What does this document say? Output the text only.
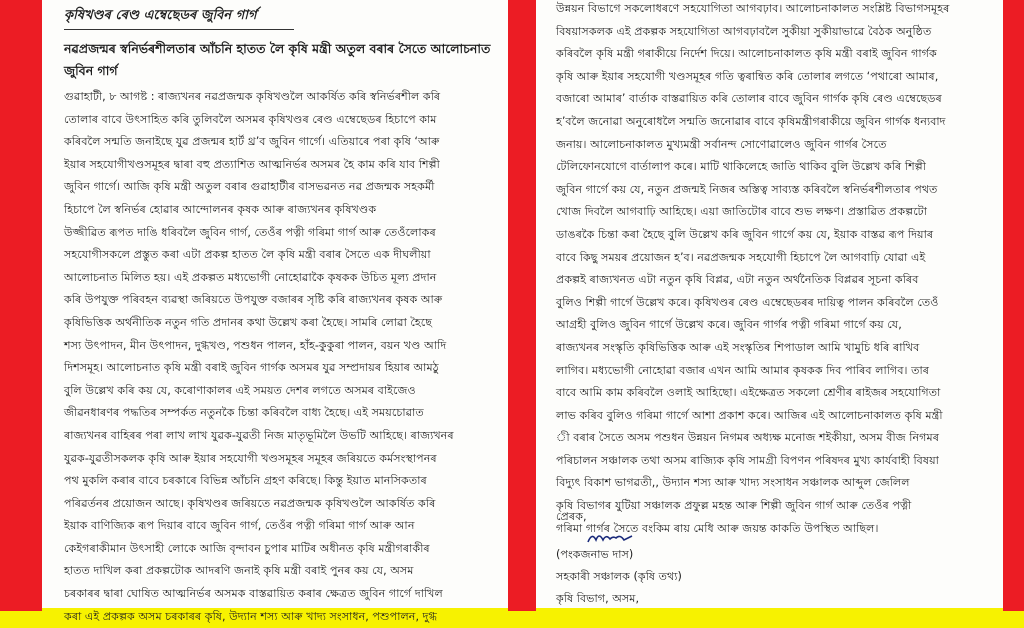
কৃষিখণ্ডৰ ৰেণ্ড এম্বেছেডৰ জুবিন গাৰ্গ
নৱপ্ৰজন্মৰ স্বনিৰ্ভৰশীলতাৰ আঁচনি হাতত লৈ কৃষি মন্ত্ৰী অতুল বৰাৰ সৈতে আলোচনাত জুবিন গাৰ্গ
গুৱাহাটী, ৮ আগষ্ট : ৰাজ্যখনৰ নৱপ্ৰজন্মক কৃষিখণ্ডলৈ আকৰ্ষিত কৰি স্বনিৰ্ভৰশীল কৰি
তোলাৰ বাবে উৎসাহিত কৰি তুলিবলৈ অসমৰ কৃষিখণ্ডৰ ৰেণ্ড এম্বেছেডৰ হিচাপে কাম
কৰিবলৈ সন্মতি জনাইছে যুৱ প্ৰজন্মৰ হাৰ্ট থ্ৰ’ব জুবিন গাৰ্গে। এতিয়াৰে পৰা কৃষি ‘আৰু
ইয়াৰ সহযোগীখণ্ডসমূহৰ দ্বাৰা বহু প্ৰত্যাশিত আত্মনিৰ্ভৰ অসমৰ হৈ কাম কৰি যাব শিল্পী
জুবিন গাৰ্গে। আজি কৃষি মন্ত্ৰী অতুল বৰাৰ গুৱাহাটীৰ বাসভৱনত নৱ প্ৰজন্মক সহকৰ্মী
হিচাপে লৈ স্বনিৰ্ভৰ হোৱাৰ আন্দোলনৰ কৃষক আৰু ৰাজ্যখনৰ কৃষিখণ্ডক
উজ্জীৱিত ৰূপত দাঙি ধৰিবলৈ জুবিন গাৰ্গ, তেওঁৰ পত্নী গৰিমা গাৰ্গ আৰু তেওঁলোকৰ
সহযোগীসকলে প্ৰস্তুত কৰা এটা প্ৰকল্প হাতত লৈ কৃষি মন্ত্ৰী বৰাৰ সৈতে এক দীঘলীয়া
আলোচনাত মিলিত হয়। এই প্ৰকল্পত মধ্যভোগী নোহোৱাকৈ কৃষকক উচিত মূল্য প্ৰদান
কৰি উপযুক্ত পৰিবহন ব্যৱস্থা জৰিয়তে উপযুক্ত বজাৰৰ সৃষ্টি কৰি ৰাজ্যখনৰ কৃষক আৰু
কৃষিভিত্তিক অৰ্থনীতিক নতুন গতি প্ৰদানৰ কথা উল্লেখ কৰা হৈছে। সামৰি লোৱা হৈছে
শস্য উৎপাদন, মীন উৎপাদন, দুগ্ধখণ্ড, পশুধন পালন, হাঁহ-কুকুৰা পালন, বয়ন খণ্ড আদি
দিশসমূহ। আলোচনাত কৃষি মন্ত্ৰী বৰাই জুবিন গাৰ্গক অসমৰ যুৱ সম্প্ৰদায়ৰ হিয়াৰ আমঠু
বুলি উল্লেখ কৰি কয় যে, কৰোণাকালৰ এই সময়ত দেশৰ লগতে অসমৰ বাইজেও
জীৱনধাৰণৰ পদ্ধতিৰ সম্পৰ্কত নতুনকৈ চিন্তা কৰিবলৈ বাধ্য হৈছে। এই সময়চোৱাত
ৰাজ্যখনৰ বাহিৰৰ পৰা লাখ লাখ যুৱক-যুৱতী নিজ মাতৃভূমিলৈ উভটি আহিছে। ৰাজ্যখনৰ
যুৱক-যুৱতীসকলক কৃষি আৰু ইয়াৰ সহযোগী খণ্ডসমূহৰ সমূহৰ জৰিয়তে কৰ্মসংস্থাপনৰ
পথ মুকলি কৰাৰ বাবে চৰকাৰে বিভিন্ন আঁচনি গ্ৰহণ কৰিছে। কিন্তু ইয়াত মানসিকতাৰ
পৰিৱৰ্তনৰ প্ৰয়োজন আছে। কৃষিখণ্ডৰ জৰিয়তে নৱপ্ৰজন্মক কৃষিখণ্ডলৈ আকৰ্ষিত কৰি
ইয়াক বাণিজ্যিক ৰূপ দিয়াৰ বাবে জুবিন গাৰ্গ, তেওঁৰ পত্নী গৰিমা গাৰ্গ আৰু আন
কেইগৰাকীমান উৎসাহী লোকে আজি বৃন্দাবন চুপাৰ মাটিৰ অধীনত কৃষি মন্ত্ৰীগৰাকীৰ
হাতত দাখিল কৰা প্ৰকল্পটোক আদৰণি জনাই কৃষি মন্ত্ৰী বৰাই পুনৰ কয় যে, অসম
চৰকাৰৰ দ্বাৰা ঘোষিত আত্মনিৰ্ভৰ অসমক বাস্তৱায়িত কৰাৰ ক্ষেত্ৰত জুবিন গাৰ্গে দাখিল
কৰা এই প্ৰকল্পক অসম চৰকাৰৰ কৃষি, উদ্যান শস্য আৰু খাদ্য সংসাধন, পশুপালন, দুগ্ধ
উন্নয়ন বিভাগে সকলোধৰণে সহযোগিতা আগবঢ়াব। আলোচনাকালত সংশ্লিষ্ট বিভাগসমূহৰ
বিষয়াসকলক এই প্ৰকল্পক সহযোগিতা আগবঢ়াবলৈ সুকীয়া সুকীয়াভাৱে বৈঠক অনুষ্ঠিত
কৰিবলৈ কৃষি মন্ত্ৰী গৰাকীয়ে নিৰ্দেশ দিয়ে। আলোচনাকালত কৃষি মন্ত্ৰী বৰাই জুবিন গাৰ্গক
কৃষি আৰু ইয়াৰ সহযোগী খণ্ডসমূহৰ গতি ত্বৰান্বিত কৰি তোলাৰ লগতে ‘পথাৰো আমাৰ,
বজাৰো আমাৰ’ বাৰ্তাক বাস্তৱায়িত কৰি তোলাৰ বাবে জুবিন গাৰ্গক কৃষি ৰেণ্ড এম্বেছেডৰ
হ’বলৈ জনোৱা অনুৰোধলৈ সন্মতি জনোৱাৰ বাবে কৃষিমন্ত্ৰীগৰাকীয়ে জুবিন গাৰ্গক ধন্যবাদ
জনায়। আলোচনাকালত মুখ্যমন্ত্ৰী সৰ্বানন্দ সোণোৱালেও জুবিন গাৰ্গৰ সৈতে
টেলিফোনযোগে বাৰ্তালাপ কৰে। মাটি থাকিলেহে জাতি থাকিব বুলি উল্লেখ কৰি শিল্পী
জুবিন গাৰ্গে কয় যে, নতুন প্ৰজন্মই নিজৰ অস্তিত্ব সাব্যস্ত কৰিবলৈ স্বনিৰ্ভৰশীলতাৰ পথত
খোজ দিবলৈ আগবাঢ়ি আহিছে। এয়া জাতিটোৰ বাবে শুভ লক্ষণ। প্ৰস্তাৱিত প্ৰকল্পটো
ডাঙৰকৈ চিন্তা কৰা হৈছে বুলি উল্লেখ কৰি জুবিন গাৰ্গে কয় যে, ইয়াক বাস্তৱ ৰূপ দিয়াৰ
বাবে কিছু সময়ৰ প্ৰয়োজন হ’ব। নৱপ্ৰজন্মক সহযোগী হিচাপে লৈ আগবাঢ়ি যোৱা এই
প্ৰকল্পই ৰাজ্যখনত এটা নতুন কৃষি বিপ্লৱ, এটা নতুন অৰ্থনৈতিক বিপ্লৱৰ সূচনা কৰিব
বুলিও শিল্পী গাৰ্গে উল্লেখ কৰে। কৃষিখণ্ডৰ ৰেণ্ড এম্বেছেডৰৰ দায়িত্ব পালন কৰিবলৈ তেওঁ
আগ্ৰহী বুলিও জুবিন গাৰ্গে উল্লেখ কৰে। জুবিন গাৰ্গৰ পত্নী গৰিমা গাৰ্গে কয় যে,
ৰাজ্যখনৰ সংস্কৃতি কৃষিভিত্তিক আৰু এই সংস্কৃতিৰ শিপাডাল আমি খামুচি ধৰি ৰাখিব
লাগিব। মধ্যভোগী নোহোৱা বজাৰ এখন আমি আমাৰ কৃষকক দিব পাৰিব লাগিব। তাৰ
বাবে আমি কাম কৰিবলৈ ওলাই আহিছো। এইক্ষেত্ৰত সকলো শ্ৰেণীৰ ৰাইজৰ সহযোগিতা
লাভ কৰিব বুলিও গৰিমা গাৰ্গে আশা প্ৰকাশ কৰে। আজিৰ এই আলোচনাকালত কৃষি মন্ত্ৰী
ী বৰাৰ সৈতে অসম পশুধন উন্নয়ন নিগমৰ অধ্যক্ষ মনোজ শইকীয়া, অসম বীজ নিগমৰ
পৰিচালন সঞ্চালক তথা অসম ৰাজ্যিক কৃষি সামগ্ৰী বিপণন পৰিষদৰ মুখ্য কাৰ্যবাহী বিষয়া
বিদ্যুৎ বিকাশ ভাগৱতী,, উদ্যান শস্য আৰু খাদ্য সংসাধন সঞ্চালক আব্দুল জেলিল
কৃষি বিভাগৰ যুটিয়া সঞ্চালক প্ৰফুল্ল মহন্ত আৰু শিল্পী জুবিন গাৰ্গ আৰু তেওঁৰ পত্নী
গৰিমা গাৰ্গৰ সৈতে বংকিম ৰায় মেধি আৰু জয়ন্ত কাকতি উপস্থিত আছিল।
প্ৰেৰক,
(পংকজনাভ দাস)
সহকাৰী সঞ্চালক (কৃষি তথ্য)
কৃষি বিভাগ, অসম,
